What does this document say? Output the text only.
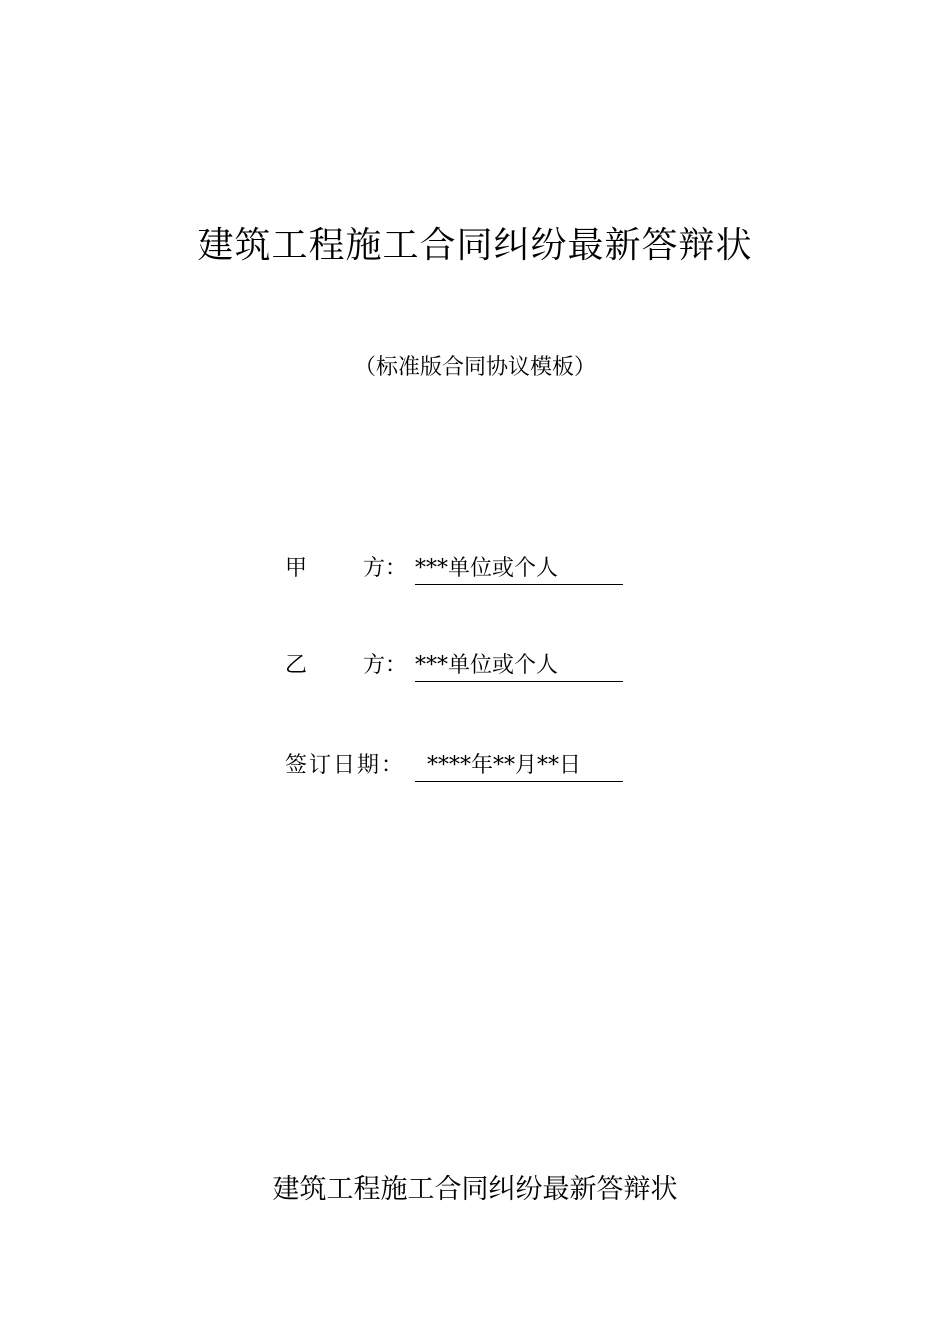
建筑工程施工合同纠纷最新答辩状
（标准版合同协议模板）
甲	方： ***单位或个人
乙	方： ***单位或个人
签订日期： ****年**月**日
建筑工程施工合同纠纷最新答辩状
